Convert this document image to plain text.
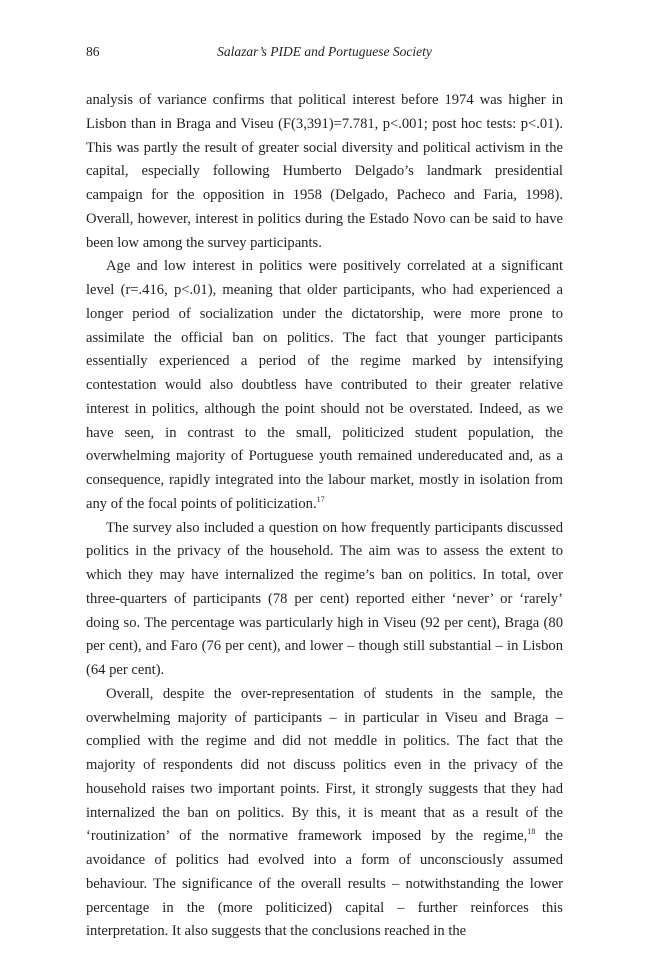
86	Salazar’s PIDE and Portuguese Society

analysis of variance confirms that political interest before 1974 was higher in Lisbon than in Braga and Viseu (F(3,391)=7.781, p<.001; post hoc tests: p<.01). This was partly the result of greater social diversity and political activism in the capital, especially following Humberto Delgado’s landmark presidential campaign for the opposition in 1958 (Delgado, Pacheco and Faria, 1998). Overall, however, interest in politics during the Estado Novo can be said to have been low among the survey participants.

Age and low interest in politics were positively correlated at a significant level (r=.416, p<.01), meaning that older participants, who had experienced a longer period of socialization under the dictatorship, were more prone to assimilate the official ban on politics. The fact that younger participants essentially experienced a period of the regime marked by intensifying contestation would also doubtless have contributed to their greater relative interest in politics, although the point should not be overstated. Indeed, as we have seen, in contrast to the small, politicized student population, the overwhelming majority of Portuguese youth remained undereducated and, as a consequence, rapidly integrated into the labour market, mostly in isolation from any of the focal points of politicization.$^{17}$

The survey also included a question on how frequently participants discussed politics in the privacy of the household. The aim was to assess the extent to which they may have internalized the regime’s ban on politics. In total, over three-quarters of participants (78 per cent) reported either ‘never’ or ‘rarely’ doing so. The percentage was particularly high in Viseu (92 per cent), Braga (80 per cent), and Faro (76 per cent), and lower – though still substantial – in Lisbon (64 per cent).

Overall, despite the over-representation of students in the sample, the overwhelming majority of participants – in particular in Viseu and Braga – complied with the regime and did not meddle in politics. The fact that the majority of respondents did not discuss politics even in the privacy of the household raises two important points. First, it strongly suggests that they had internalized the ban on politics. By this, it is meant that as a result of the ‘routinization’ of the normative framework imposed by the regime,$^{18}$ the avoidance of politics had evolved into a form of unconsciously assumed behaviour. The significance of the overall results – notwithstanding the lower percentage in the (more politicized) capital – further reinforces this interpretation. It also suggests that the conclusions reached in the
